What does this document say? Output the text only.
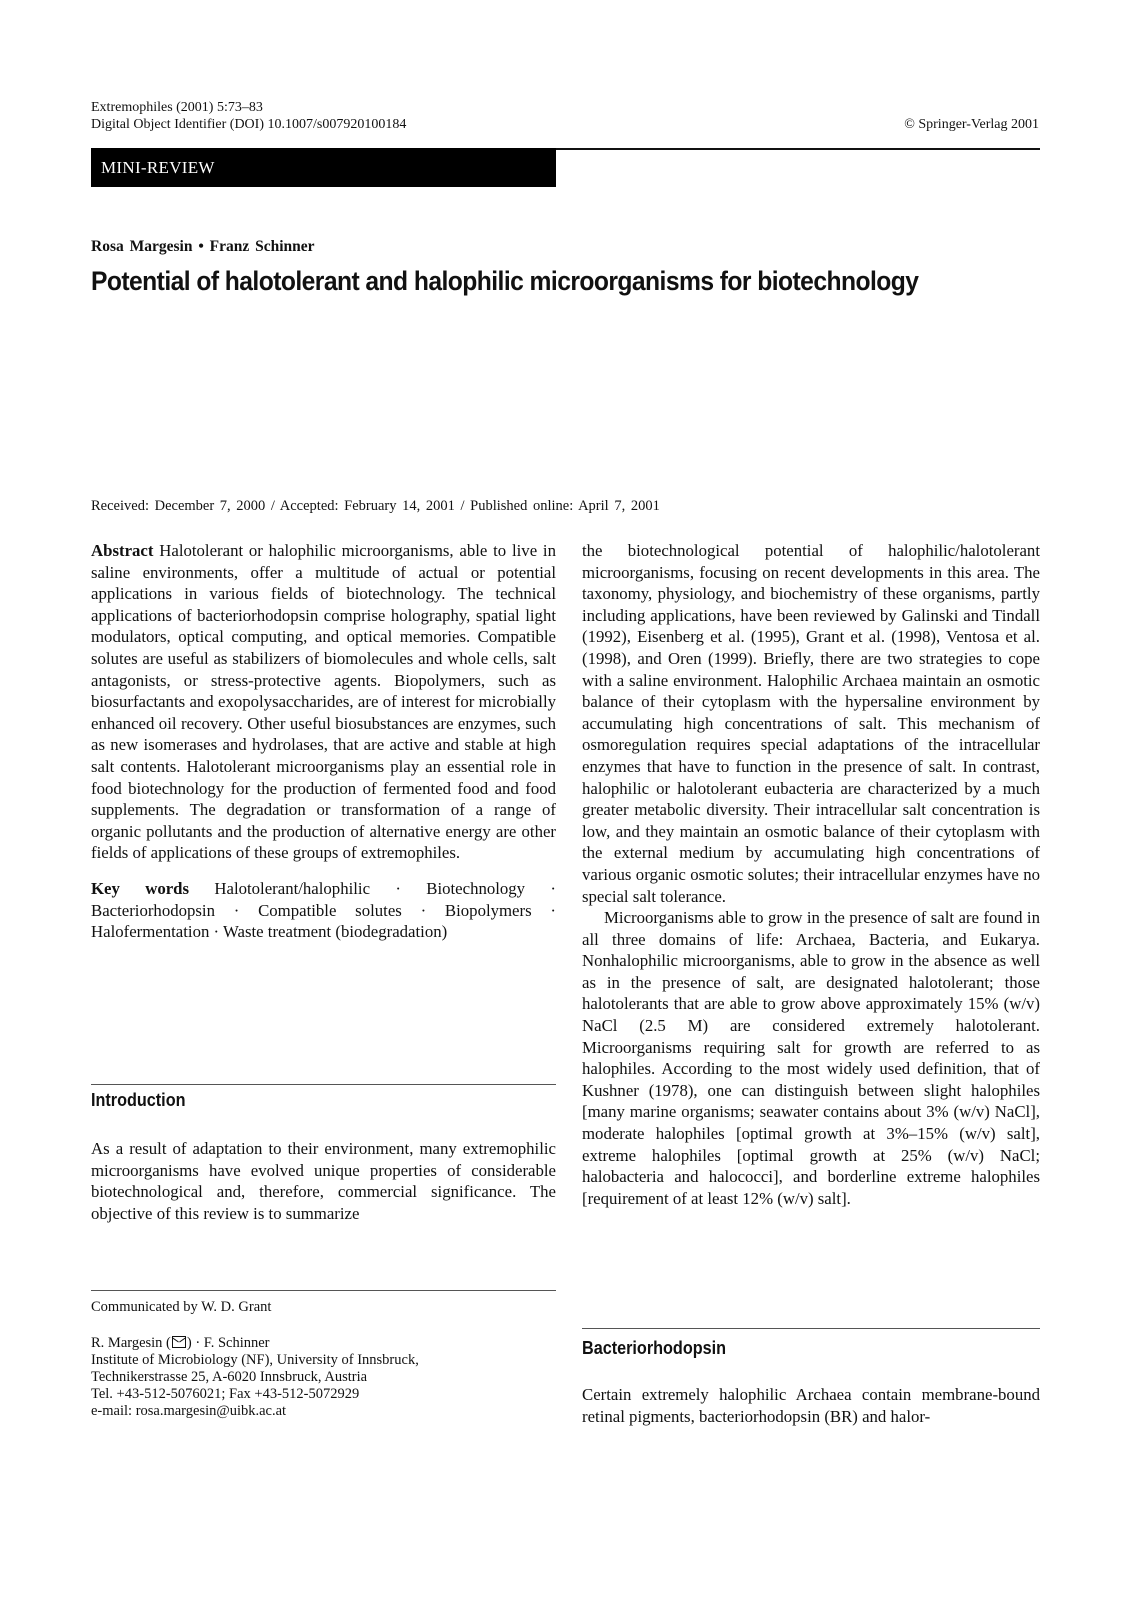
Extremophiles (2001) 5:73–83
Digital Object Identifier (DOI) 10.1007/s007920100184	© Springer-Verlag 2001
MINI-REVIEW
Rosa Margesin • Franz Schinner
Potential of halotolerant and halophilic microorganisms for biotechnology
Received: December 7, 2000 / Accepted: February 14, 2001 / Published online: April 7, 2001

Abstract Halotolerant or halophilic microorganisms, able to live in saline environments, offer a multitude of actual or potential applications in various fields of biotechnology. The technical applications of bacteriorhodopsin comprise holography, spatial light modulators, optical computing, and optical memories. Compatible solutes are useful as stabilizers of biomolecules and whole cells, salt antagonists, or stress-protective agents. Biopolymers, such as biosurfactants and exopolysaccharides, are of interest for microbially enhanced oil recovery. Other useful biosubstances are enzymes, such as new isomerases and hydrolases, that are active and stable at high salt contents. Halotolerant microorganisms play an essential role in food biotechnology for the production of fermented food and food supplements. The degradation or transformation of a range of organic pollutants and the production of alternative energy are other fields of applications of these groups of extremophiles.

Key words Halotolerant/halophilic · Biotechnology · Bacteriorhodopsin · Compatible solutes · Biopolymers · Halofermentation · Waste treatment (biodegradation)

Introduction
As a result of adaptation to their environment, many extremophilic microorganisms have evolved unique properties of considerable biotechnological and, therefore, commercial significance. The objective of this review is to summarize
Communicated by W. D. Grant
R. Margesin ( ) · F. Schinner
Institute of Microbiology (NF), University of Innsbruck,
Technikerstrasse 25, A-6020 Innsbruck, Austria
Tel. +43-512-5076021; Fax +43-512-5072929
e-mail: rosa.margesin@uibk.ac.at

the biotechnological potential of halophilic/halotolerant microorganisms, focusing on recent developments in this area. The taxonomy, physiology, and biochemistry of these organisms, partly including applications, have been reviewed by Galinski and Tindall (1992), Eisenberg et al. (1995), Grant et al. (1998), Ventosa et al. (1998), and Oren (1999). Briefly, there are two strategies to cope with a saline environment. Halophilic Archaea maintain an osmotic balance of their cytoplasm with the hypersaline environment by accumulating high concentrations of salt. This mechanism of osmoregulation requires special adaptations of the intracellular enzymes that have to function in the presence of salt. In contrast, halophilic or halotolerant eubacteria are characterized by a much greater metabolic diversity. Their intracellular salt concentration is low, and they maintain an osmotic balance of their cytoplasm with the external medium by accumulating high concentrations of various organic osmotic solutes; their intracellular enzymes have no special salt tolerance.

Microorganisms able to grow in the presence of salt are found in all three domains of life: Archaea, Bacteria, and Eukarya. Nonhalophilic microorganisms, able to grow in the absence as well as in the presence of salt, are designated halotolerant; those halotolerants that are able to grow above approximately 15% (w/v) NaCl (2.5 M) are considered extremely halotolerant. Microorganisms requiring salt for growth are referred to as halophiles. According to the most widely used definition, that of Kushner (1978), one can distinguish between slight halophiles [many marine organisms; seawater contains about 3% (w/v) NaCl], moderate halophiles [optimal growth at 3%–15% (w/v) salt], extreme halophiles [optimal growth at 25% (w/v) NaCl; halobacteria and halococci], and borderline extreme halophiles [requirement of at least 12% (w/v) salt].

Bacteriorhodopsin
Certain extremely halophilic Archaea contain membrane-bound retinal pigments, bacteriorhodopsin (BR) and halor-
